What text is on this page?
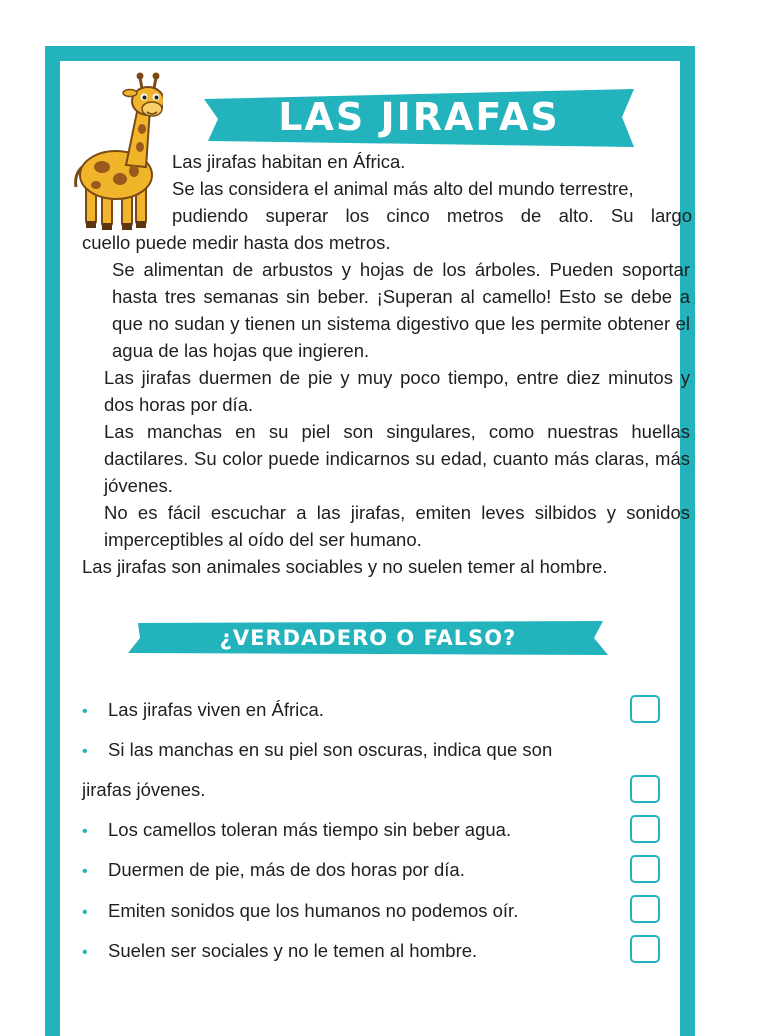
LAS JIRAFAS
Las jirafas habitan en África.
Se las considera el animal más alto del mundo terrestre,
pudiendo superar los cinco metros de alto. Su largo
cuello puede medir hasta dos metros.
Se alimentan de arbustos y hojas de los árboles. Pueden soportar hasta tres semanas sin beber. ¡Superan al camello! Esto se debe a que no sudan y tienen un sistema digestivo que les permite obtener el agua de las hojas que ingieren.
Las jirafas duermen de pie y muy poco tiempo, entre diez minutos y dos horas por día.
Las manchas en su piel son singulares, como nuestras huellas dactilares. Su color puede indicarnos su edad, cuanto más claras, más jóvenes.
No es fácil escuchar a las jirafas, emiten leves silbidos y sonidos imperceptibles al oído del ser humano.
Las jirafas son animales sociables y no suelen temer al hombre.
¿VERDADERO O FALSO?
• Las jirafas viven en África.
• Si las manchas en su piel son oscuras, indica que son
jirafas jóvenes.
• Los camellos toleran más tiempo sin beber agua.
• Duermen de pie, más de dos horas por día.
• Emiten sonidos que los humanos no podemos oír.
• Suelen ser sociales y no le temen al hombre.
